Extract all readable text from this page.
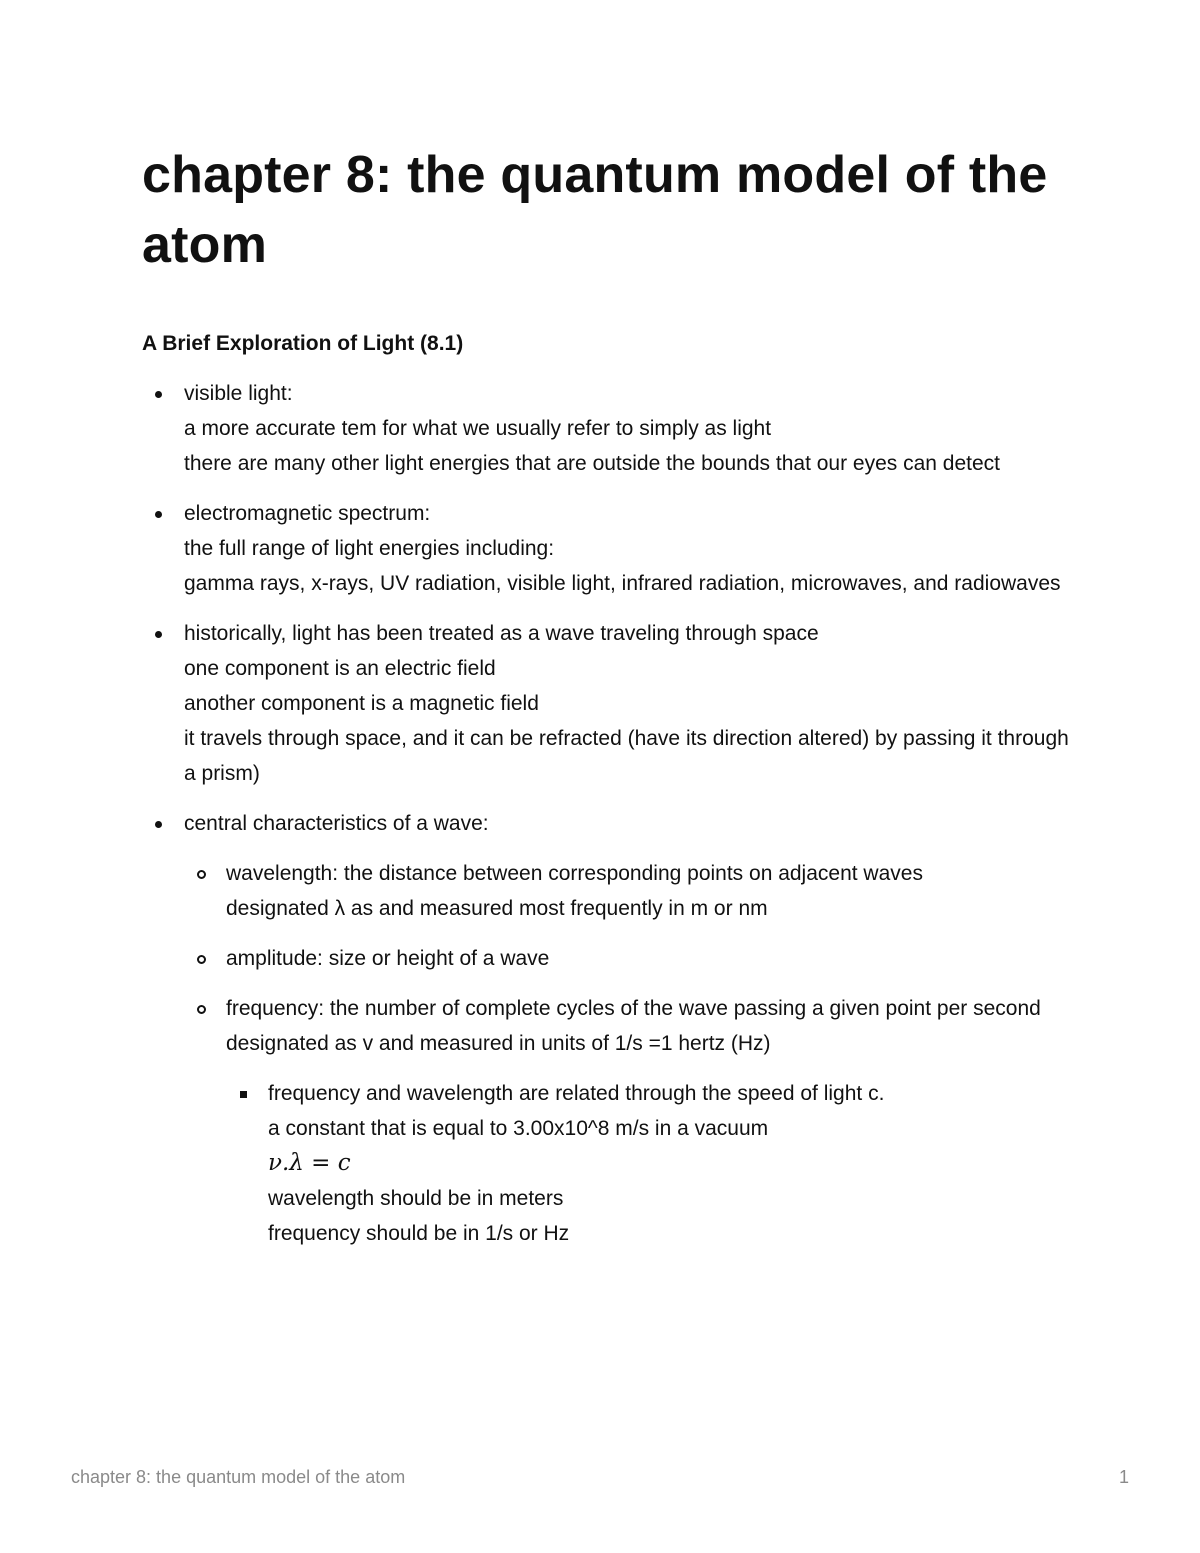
chapter 8: the quantum model of the atom
A Brief Exploration of Light (8.1)
visible light:
a more accurate tem for what we usually refer to simply as light
there are many other light energies that are outside the bounds that our eyes can detect
electromagnetic spectrum:
the full range of light energies including:
gamma rays, x-rays, UV radiation, visible light, infrared radiation, microwaves, and radiowaves
historically, light has been treated as a wave traveling through space
one component is an electric field
another component is a magnetic field
it travels through space, and it can be refracted (have its direction altered) by passing it through a prism)
central characteristics of a wave:
wavelength: the distance between corresponding points on adjacent waves
designated λ as and measured most frequently in m or nm
amplitude: size or height of a wave
frequency: the number of complete cycles of the wave passing a given point per second
designated as v and measured in units of 1/s =1 hertz (Hz)
frequency and wavelength are related through the speed of light c.
a constant that is equal to 3.00x10^8 m/s in a vacuum
ν.λ = c
wavelength should be in meters
frequency should be in 1/s or Hz
chapter 8: the quantum model of the atom	1
